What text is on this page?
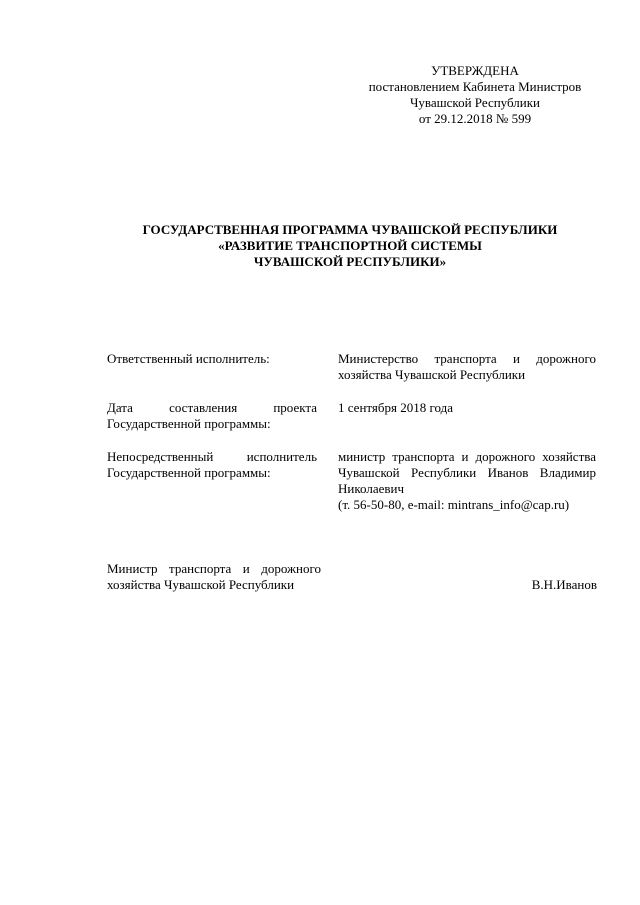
УТВЕРЖДЕНА
постановлением Кабинета Министров
Чувашской Республики
от 29.12.2018 № 599
ГОСУДАРСТВЕННАЯ ПРОГРАММА ЧУВАШСКОЙ РЕСПУБЛИКИ
«РАЗВИТИЕ ТРАНСПОРТНОЙ СИСТЕМЫ
ЧУВАШСКОЙ РЕСПУБЛИКИ»
Ответственный исполнитель:	Министерство транспорта и дорожного хозяйства Чувашской Республики
Дата составления проекта Государственной программы:
1 сентября 2018 года
Непосредственный исполнитель Государственной программы:
министр транспорта и дорожного хозяйства Чувашской Республики Иванов Владимир Николаевич
(т. 56-50-80, e-mail: mintrans_info@cap.ru)
Министр транспорта и дорожного хозяйства Чувашской Республики	В.Н.Иванов
